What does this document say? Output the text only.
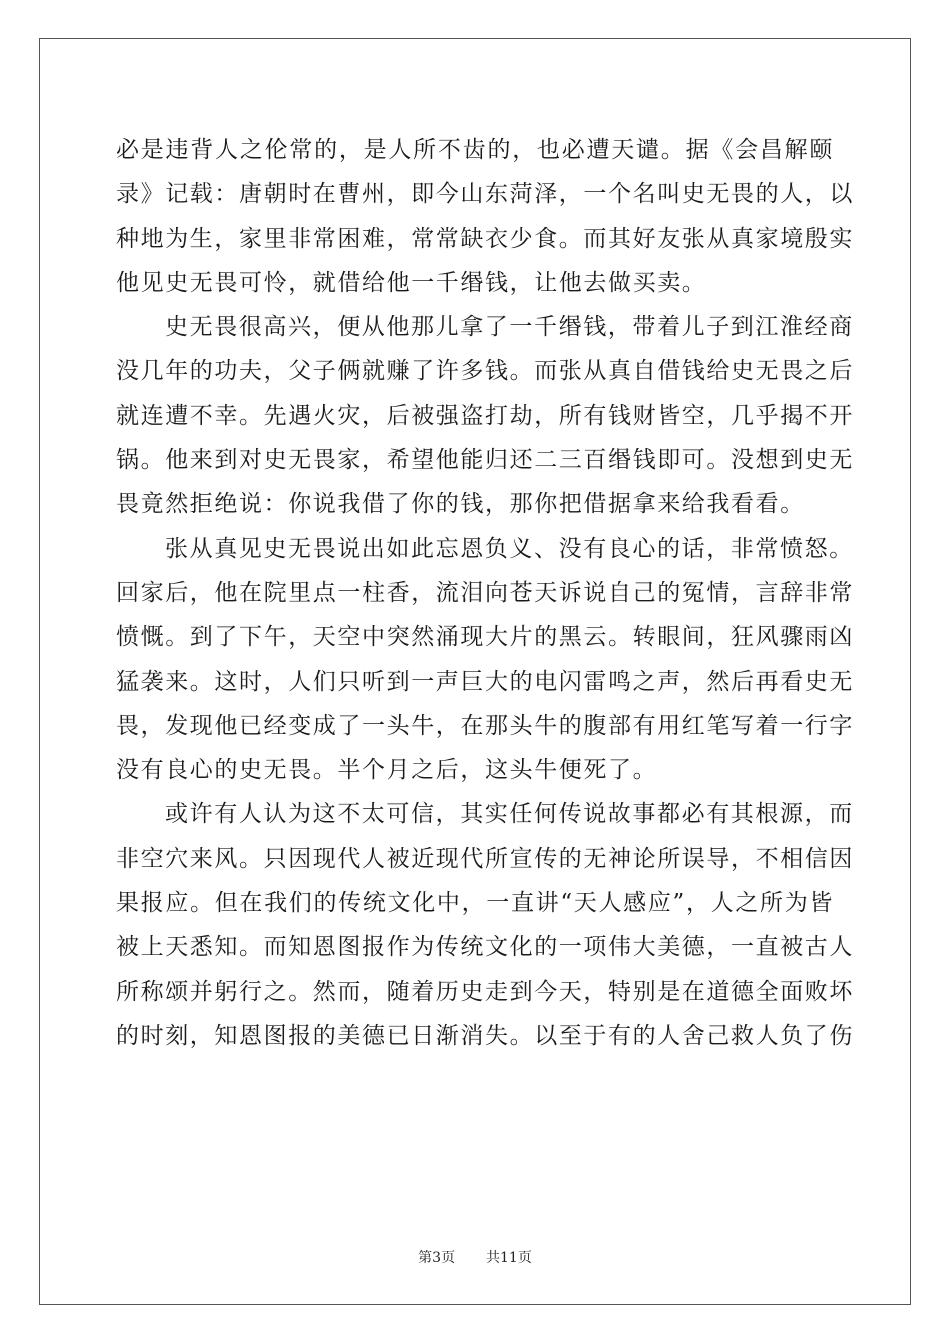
必是违背人之伦常的，是人所不齿的，也必遭天谴。据《会昌解颐
录》记载：唐朝时在曹州，即今山东菏泽，一个名叫史无畏的人，以
种地为生，家里非常困难，常常缺衣少食。而其好友张从真家境殷实
他见史无畏可怜，就借给他一千缗钱，让他去做买卖。

史无畏很高兴，便从他那儿拿了一千缗钱，带着儿子到江淮经商
没几年的功夫，父子俩就赚了许多钱。而张从真自借钱给史无畏之后
就连遭不幸。先遇火灾，后被强盗打劫，所有钱财皆空，几乎揭不开
锅。他来到对史无畏家，希望他能归还二三百缗钱即可。没想到史无
畏竟然拒绝说：你说我借了你的钱，那你把借据拿来给我看看。

张从真见史无畏说出如此忘恩负义、没有良心的话，非常愤怒。
回家后，他在院里点一柱香，流泪向苍天诉说自己的冤情，言辞非常
愤慨。到了下午，天空中突然涌现大片的黑云。转眼间，狂风骤雨凶
猛袭来。这时，人们只听到一声巨大的电闪雷鸣之声，然后再看史无
畏，发现他已经变成了一头牛，在那头牛的腹部有用红笔写着一行字
没有良心的史无畏。半个月之后，这头牛便死了。

或许有人认为这不太可信，其实任何传说故事都必有其根源，而
非空穴来风。只因现代人被近现代所宣传的无神论所误导，不相信因
果报应。但在我们的传统文化中，一直讲“天人感应”，人之所为皆
被上天悉知。而知恩图报作为传统文化的一项伟大美德，一直被古人
所称颂并躬行之。然而，随着历史走到今天，特别是在道德全面败坏
的时刻，知恩图报的美德已日渐消失。以至于有的人舍己救人负了伤

第3页 共11页
